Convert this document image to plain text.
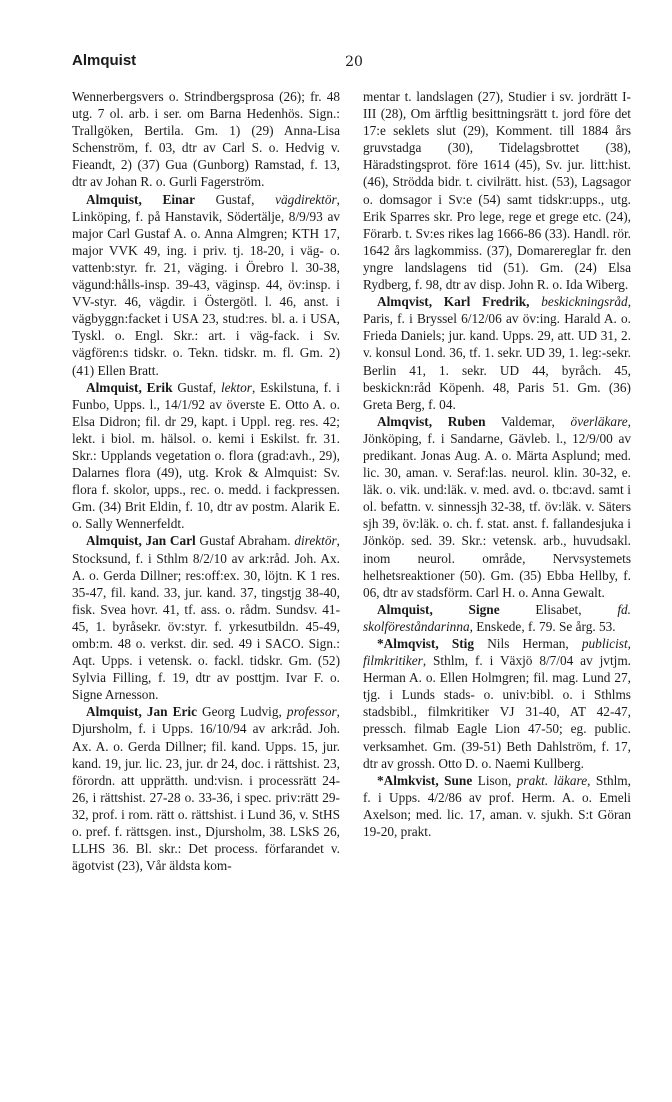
Almquist	20

Wennerbergsvers o. Strindbergsprosa (26); fr. 48 utg. 7 ol. arb. i ser. om Barna Hedenhös. Sign.: Trallgöken, Bertila. Gm. 1) (29) Anna-Lisa Schenström, f. 03, dtr av Carl S. o. Hedvig v. Fieandt, 2) (37) Gua (Gunborg) Ramstad, f. 13, dtr av Johan R. o. Gurli Fagerström.

Almquist, Einar Gustaf, vägdirektör, Linköping, f. på Hanstavik, Södertälje, 8/9/93 av major Carl Gustaf A. o. Anna Almgren; KTH 17, major VVK 49, ing. i priv. tj. 18-20, i väg- o. vattenb:styr. fr. 21, väging. i Örebro l. 30-38, vägund:hålls-insp. 39-43, väginsp. 44, öv:insp. i VV-styr. 46, vägdir. i Östergötl. l. 46, anst. i vägbyggn:facket i USA 23, stud:res. bl. a. i USA, Tyskl. o. Engl. Skr.: art. i väg-fack. i Sv. vägfören:s tidskr. o. Tekn. tidskr. m. fl. Gm. 2) (41) Ellen Bratt.

Almquist, Erik Gustaf, lektor, Eskilstuna, f. i Funbo, Upps. l., 14/1/92 av överste E. Otto A. o. Elsa Didron; fil. dr 29, kapt. i Uppl. reg. res. 42; lekt. i biol. m. hälsol. o. kemi i Eskilst. fr. 31. Skr.: Upplands vegetation o. flora (grad:avh., 29), Dalarnes flora (49), utg. Krok & Almquist: Sv. flora f. skolor, upps., rec. o. medd. i fackpressen. Gm. (34) Brit Eldin, f. 10, dtr av postm. Alarik E. o. Sally Wennerfeldt.

Almquist, Jan Carl Gustaf Abraham. direktör, Stocksund, f. i Sthlm 8/2/10 av ark:råd. Joh. Ax. A. o. Gerda Dillner; res:off:ex. 30, löjtn. K 1 res. 35-47, fil. kand. 33, jur. kand. 37, tingstjg 38-40, fisk. Svea hovr. 41, tf. ass. o. rådm. Sundsv. 41-45, 1. byråsekr. öv:styr. f. yrkesutbildn. 45-49, omb:m. 48 o. verkst. dir. sed. 49 i SACO. Sign.: Aqt. Upps. i vetensk. o. fackl. tidskr. Gm. (52) Sylvia Filling, f. 19, dtr av posttjm. Ivar F. o. Signe Arnesson.

Almquist, Jan Eric Georg Ludvig, professor, Djursholm, f. i Upps. 16/10/94 av ark:råd. Joh. Ax. A. o. Gerda Dillner; fil. kand. Upps. 15, jur. kand. 19, jur. lic. 23, jur. dr 24, doc. i rättshist. 23, förordn. att upprätth. und:visn. i processrätt 24-26, i rättshist. 27-28 o. 33-36, i spec. priv:rätt 29-32, prof. i rom. rätt o. rättshist. i Lund 36, v. StHS o. pref. f. rättsgen. inst., Djursholm, 38. LSkS 26, LLHS 36. Bl. skr.: Det process. förfarandet v. ägotvist (23), Vår äldsta kom-

mentar t. landslagen (27), Studier i sv. jordrätt I-III (28), Om ärftlig besittningsrätt t. jord före det 17:e seklets slut (29), Komment. till 1884 års gruvstadga (30), Tidelagsbrottet (38), Häradstingsprot. före 1614 (45), Sv. jur. litt:hist. (46), Strödda bidr. t. civilrätt. hist. (53), Lagsagor o. domsagor i Sv:e (54) samt tidskr:upps., utg. Erik Sparres skr. Pro lege, rege et grege etc. (24), Förarb. t. Sv:es rikes lag 1666-86 (33). Handl. rör. 1642 års lagkommiss. (37), Domarereglar fr. den yngre landslagens tid (51). Gm. (24) Elsa Rydberg, f. 98, dtr av disp. John R. o. Ida Wiberg.

Almqvist, Karl Fredrik, beskickningsråd, Paris, f. i Bryssel 6/12/06 av öv:ing. Harald A. o. Frieda Daniels; jur. kand. Upps. 29, att. UD 31, 2. v. konsul Lond. 36, tf. 1. sekr. UD 39, 1. leg:-sekr. Berlin 41, 1. sekr. UD 44, byråch. 45, beskickn:råd Köpenh. 48, Paris 51. Gm. (36) Greta Berg, f. 04.

Almqvist, Ruben Valdemar, överläkare, Jönköping, f. i Sandarne, Gävleb. l., 12/9/00 av predikant. Jonas Aug. A. o. Märta Asplund; med. lic. 30, aman. v. Seraf:las. neurol. klin. 30-32, e. läk. o. vik. und:läk. v. med. avd. o. tbc:avd. samt i ol. befattn. v. sinnessjh 32-38, tf. öv:läk. v. Säters sjh 39, öv:läk. o. ch. f. stat. anst. f. fallandesjuka i Jönköp. sed. 39. Skr.: vetensk. arb., huvudsakl. inom neurol. område, Nervsystemets helhetsreaktioner (50). Gm. (35) Ebba Hellby, f. 06, dtr av stadsförm. Carl H. o. Anna Gewalt.

Almquist, Signe Elisabet, fd. skolföreståndarinna, Enskede, f. 79. Se årg. 53.

*Almqvist, Stig Nils Herman, publicist, filmkritiker, Sthlm, f. i Växjö 8/7/04 av jvtjm. Herman A. o. Ellen Holmgren; fil. mag. Lund 27, tjg. i Lunds stads- o. univ:bibl. o. i Sthlms stadsbibl., filmkritiker VJ 31-40, AT 42-47, pressch. filmab Eagle Lion 47-50; eg. public. verksamhet. Gm. (39-51) Beth Dahlström, f. 17, dtr av grossh. Otto D. o. Naemi Kullberg.

*Almkvist, Sune Lison, prakt. läkare, Sthlm, f. i Upps. 4/2/86 av prof. Herm. A. o. Emeli Axelson; med. lic. 17, aman. v. sjukh. S:t Göran 19-20, prakt.
